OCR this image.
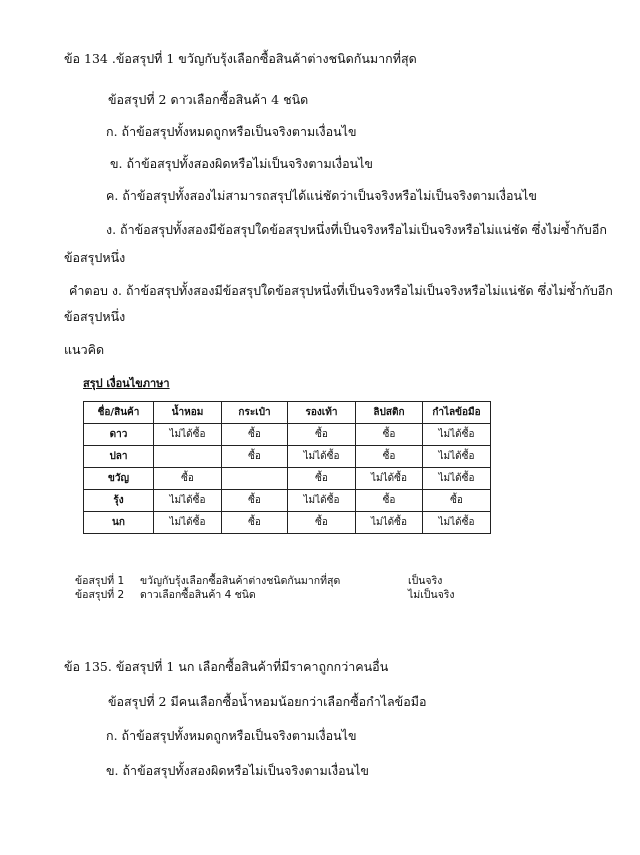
ข้อ 134 .ข้อสรุปที่ 1 ขวัญกับรุ้งเลือกซื้อสินค้าต่างชนิดกันมากที่สุด
ข้อสรุปที่ 2 ดาวเลือกซื้อสินค้า 4 ชนิด
ก. ถ้าข้อสรุปทั้งหมดถูกหรือเป็นจริงตามเงื่อนไข
ข. ถ้าข้อสรุปทั้งสองผิดหรือไม่เป็นจริงตามเงื่อนไข
ค. ถ้าข้อสรุปทั้งสองไม่สามารถสรุปได้แน่ชัดว่าเป็นจริงหรือไม่เป็นจริงตามเงื่อนไข
ง. ถ้าข้อสรุปทั้งสองมีข้อสรุปใดข้อสรุปหนึ่งที่เป็นจริงหรือไม่เป็นจริงหรือไม่แน่ชัด ซึ่งไม่ซ้ำกับอีก
ข้อสรุปหนึ่ง
คำตอบ ง. ถ้าข้อสรุปทั้งสองมีข้อสรุปใดข้อสรุปหนึ่งที่เป็นจริงหรือไม่เป็นจริงหรือไม่แน่ชัด ซึ่งไม่ซ้ำกับอีก
ข้อสรุปหนึ่ง
แนวคิด
สรุป เงื่อนไขภาษา
ชื่อ/สินค้า	น้ำหอม	กระเป๋า	รองเท้า	ลิปสติก	กำไลข้อมือ
ดาว	ไม่ได้ซื้อ	ซื้อ	ซื้อ	ซื้อ	ไม่ได้ซื้อ
ปลา		ซื้อ	ไม่ได้ซื้อ	ซื้อ	ไม่ได้ซื้อ
ขวัญ	ซื้อ		ซื้อ	ไม่ได้ซื้อ	ไม่ได้ซื้อ
รุ้ง	ไม่ได้ซื้อ	ซื้อ	ไม่ได้ซื้อ	ซื้อ	ซื้อ
นก	ไม่ได้ซื้อ	ซื้อ	ซื้อ	ไม่ได้ซื้อ	ไม่ได้ซื้อ
ข้อสรุปที่ 1 ขวัญกับรุ้งเลือกซื้อสินค้าต่างชนิดกันมากที่สุด	เป็นจริง
ข้อสรุปที่ 2 ดาวเลือกซื้อสินค้า 4 ชนิด	ไม่เป็นจริง
ข้อ 135. ข้อสรุปที่ 1 นก เลือกซื้อสินค้าที่มีราคาถูกกว่าคนอื่น
ข้อสรุปที่ 2 มีคนเลือกซื้อน้ำหอมน้อยกว่าเลือกซื้อกำไลข้อมือ
ก. ถ้าข้อสรุปทั้งหมดถูกหรือเป็นจริงตามเงื่อนไข
ข. ถ้าข้อสรุปทั้งสองผิดหรือไม่เป็นจริงตามเงื่อนไข
